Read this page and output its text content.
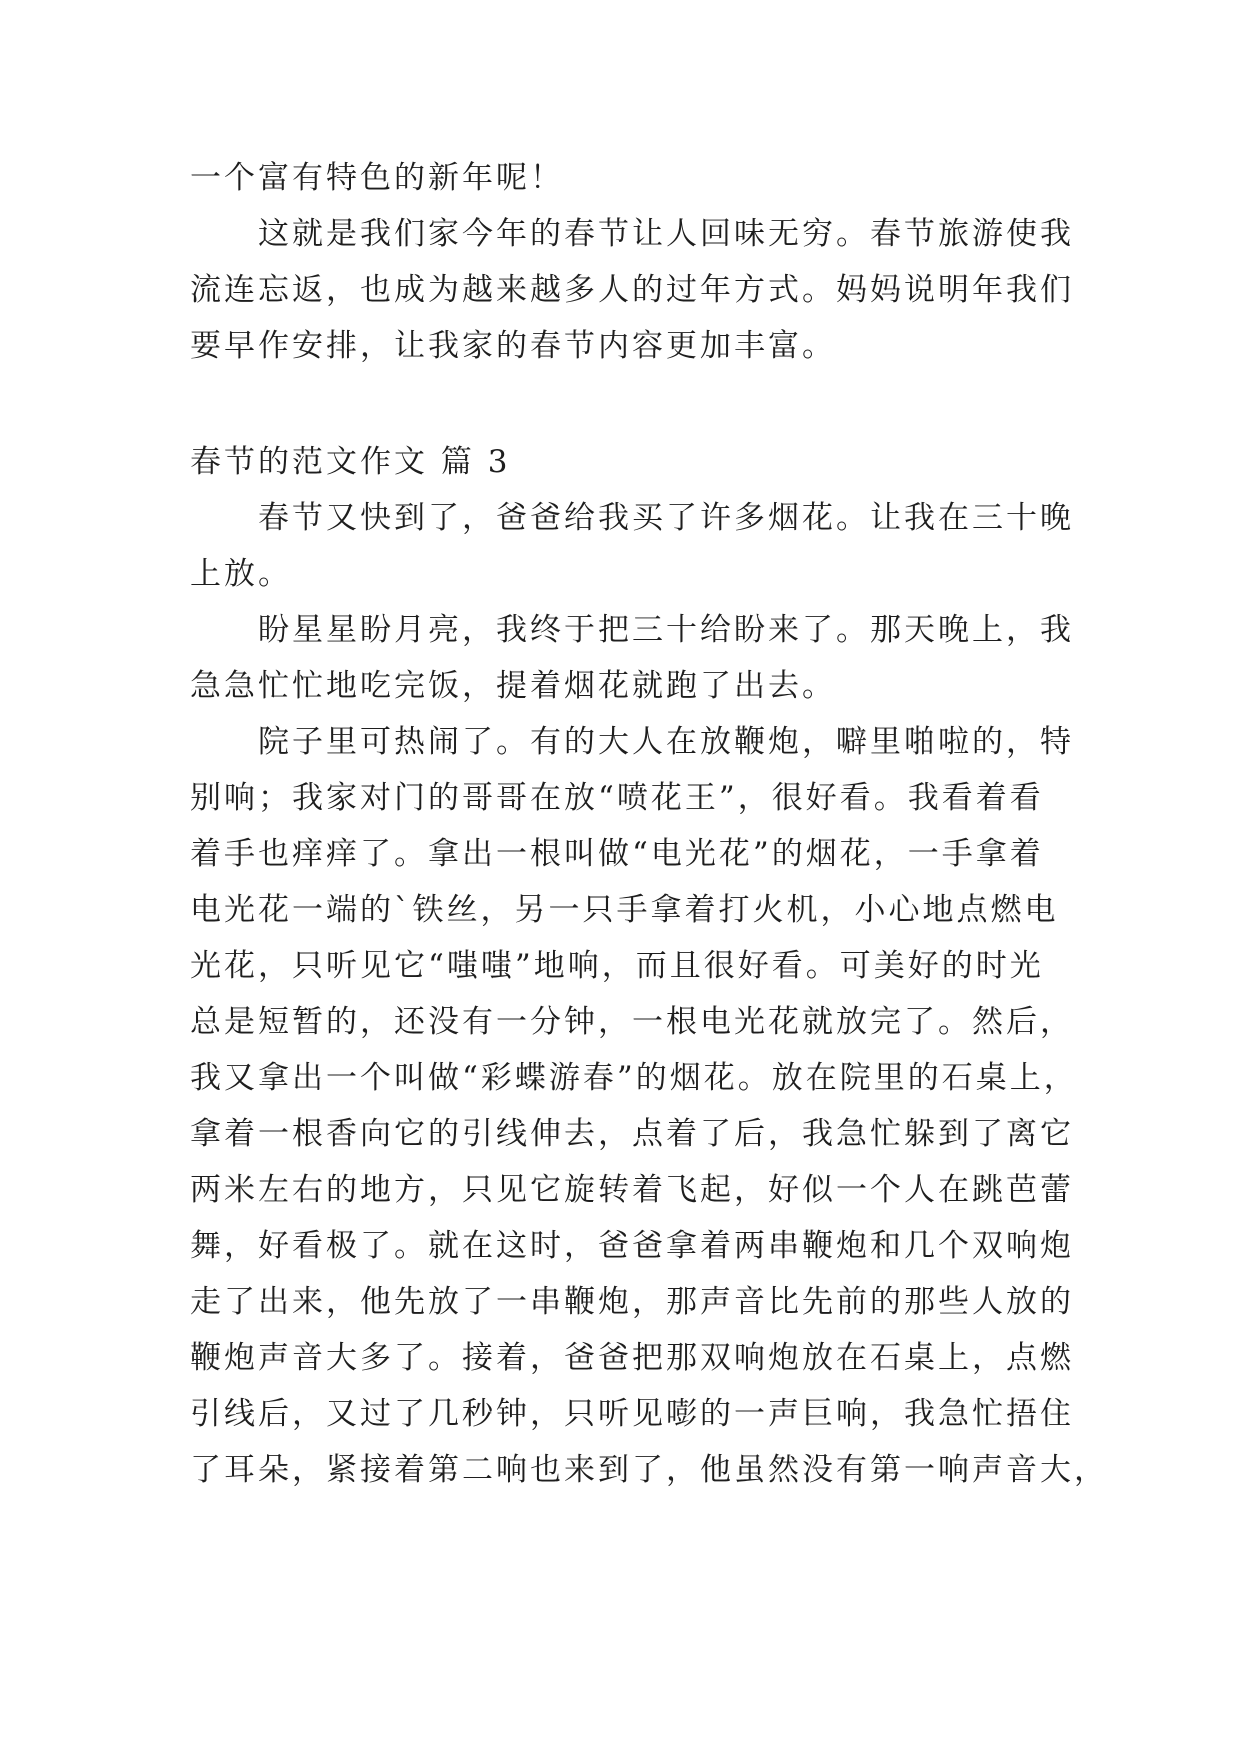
一个富有特色的新年呢！
这就是我们家今年的春节让人回味无穷。春节旅游使我
流连忘返，也成为越来越多人的过年方式。妈妈说明年我们
要早作安排，让我家的春节内容更加丰富。
春节的范文作文 篇 3
春节又快到了，爸爸给我买了许多烟花。让我在三十晚
上放。
盼星星盼月亮，我终于把三十给盼来了。那天晚上，我
急急忙忙地吃完饭，提着烟花就跑了出去。
院子里可热闹了。有的大人在放鞭炮，噼里啪啦的，特
别响；我家对门的哥哥在放“喷花王”，很好看。我看着看
着手也痒痒了。拿出一根叫做“电光花”的烟花，一手拿着
电光花一端的`铁丝，另一只手拿着打火机，小心地点燃电
光花，只听见它“嗤嗤”地响，而且很好看。可美好的时光
总是短暂的，还没有一分钟，一根电光花就放完了。然后，
我又拿出一个叫做“彩蝶游春”的烟花。放在院里的石桌上，
拿着一根香向它的引线伸去，点着了后，我急忙躲到了离它
两米左右的地方，只见它旋转着飞起，好似一个人在跳芭蕾
舞，好看极了。就在这时，爸爸拿着两串鞭炮和几个双响炮
走了出来，他先放了一串鞭炮，那声音比先前的那些人放的
鞭炮声音大多了。接着，爸爸把那双响炮放在石桌上，点燃
引线后，又过了几秒钟，只听见嘭的一声巨响，我急忙捂住
了耳朵，紧接着第二响也来到了，他虽然没有第一响声音大，
